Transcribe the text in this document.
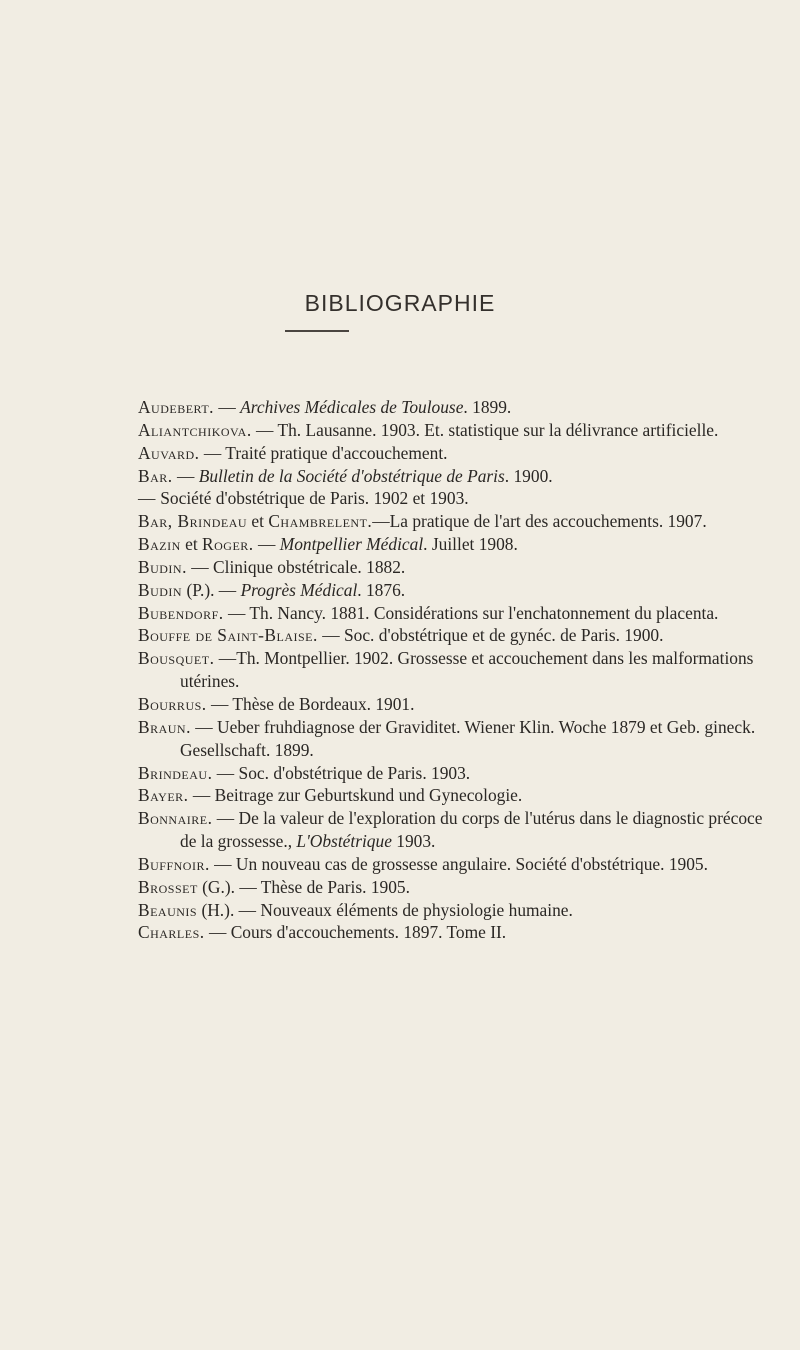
BIBLIOGRAPHIE

Audebert. — Archives Médicales de Toulouse. 1899.

Aliantchikova. — Th. Lausanne. 1903. Et. statistique sur la délivrance artificielle.

Auvard. — Traité pratique d'accouchement.

Bar. — Bulletin de la Société d'obstétrique de Paris. 1900.

— Société d'obstétrique de Paris. 1902 et 1903.

Bar, Brindeau et Chambrelent.—La pratique de l'art des accouchements. 1907.

Bazin et Roger. — Montpellier Médical. Juillet 1908.

Budin. — Clinique obstétricale. 1882.

Budin (P.). — Progrès Médical. 1876.

Bubendorf. — Th. Nancy. 1881. Considérations sur l'enchatonnement du placenta.

Bouffe de Saint-Blaise. — Soc. d'obstétrique et de gynéc. de Paris. 1900.

Bousquet. —Th. Montpellier. 1902. Grossesse et accouchement dans les malformations utérines.

Bourrus. — Thèse de Bordeaux. 1901.

Braun. — Ueber fruhdiagnose der Graviditet. Wiener Klin. Woche 1879 et Geb. gineck. Gesellschaft. 1899.

Brindeau. — Soc. d'obstétrique de Paris. 1903.

Bayer. — Beitrage zur Geburtskund und Gynecologie.

Bonnaire. — De la valeur de l'exploration du corps de l'utérus dans le diagnostic précoce de la grossesse., L'Obstétrique 1903.

Buffnoir. — Un nouveau cas de grossesse angulaire. Société d'obstétrique. 1905.

Brosset (G.). — Thèse de Paris. 1905.

Beaunis (H.). — Nouveaux éléments de physiologie humaine.

Charles. — Cours d'accouchements. 1897. Tome II.
